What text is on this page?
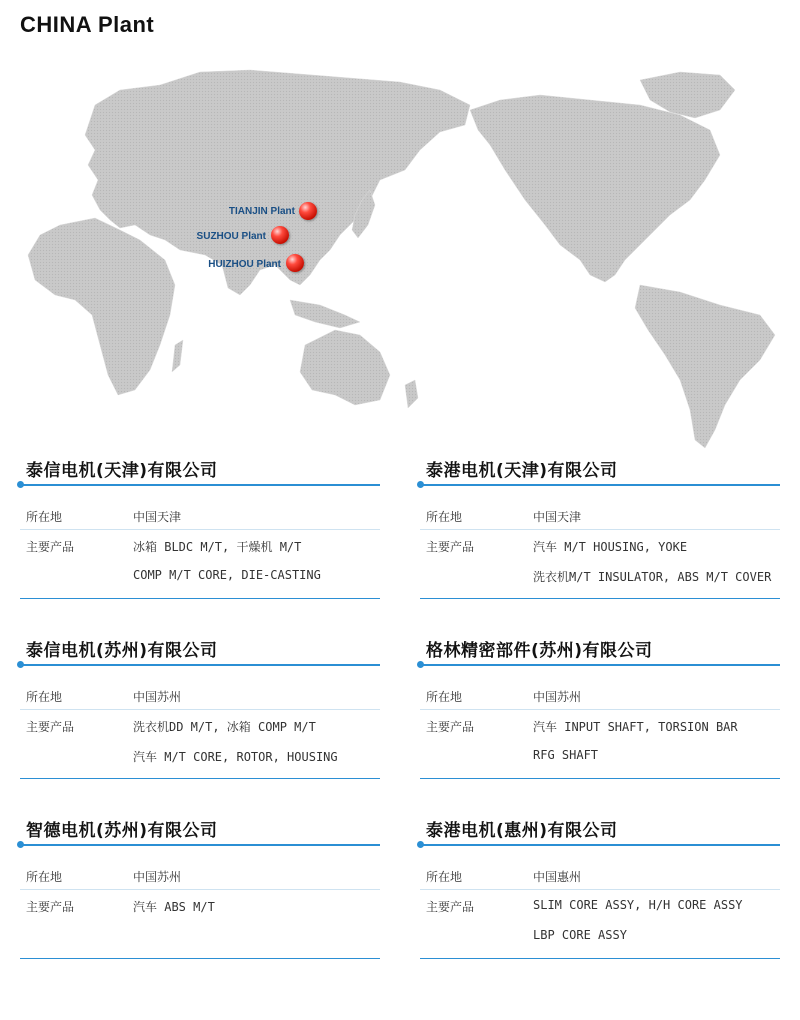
CHINA Plant
TIANJIN Plant
SUZHOU Plant
HUIZHOU Plant
泰信电机(天津)有限公司
所在地	中国天津
主要产品	冰箱 BLDC M/T, 干燥机 M/T
COMP M/T CORE, DIE-CASTING
泰港电机(天津)有限公司
所在地	中国天津
主要产品	汽车 M/T HOUSING, YOKE
洗衣机M/T INSULATOR, ABS M/T COVER
泰信电机(苏州)有限公司
所在地	中国苏州
主要产品	洗衣机DD M/T, 冰箱 COMP M/T
汽车 M/T CORE, ROTOR, HOUSING
格林精密部件(苏州)有限公司
所在地	中国苏州
主要产品	汽车 INPUT SHAFT, TORSION BAR
RFG SHAFT
智德电机(苏州)有限公司
所在地	中国苏州
主要产品	汽车 ABS M/T
泰港电机(惠州)有限公司
所在地	中国惠州
主要产品	SLIM CORE ASSY, H/H CORE ASSY
LBP CORE ASSY
